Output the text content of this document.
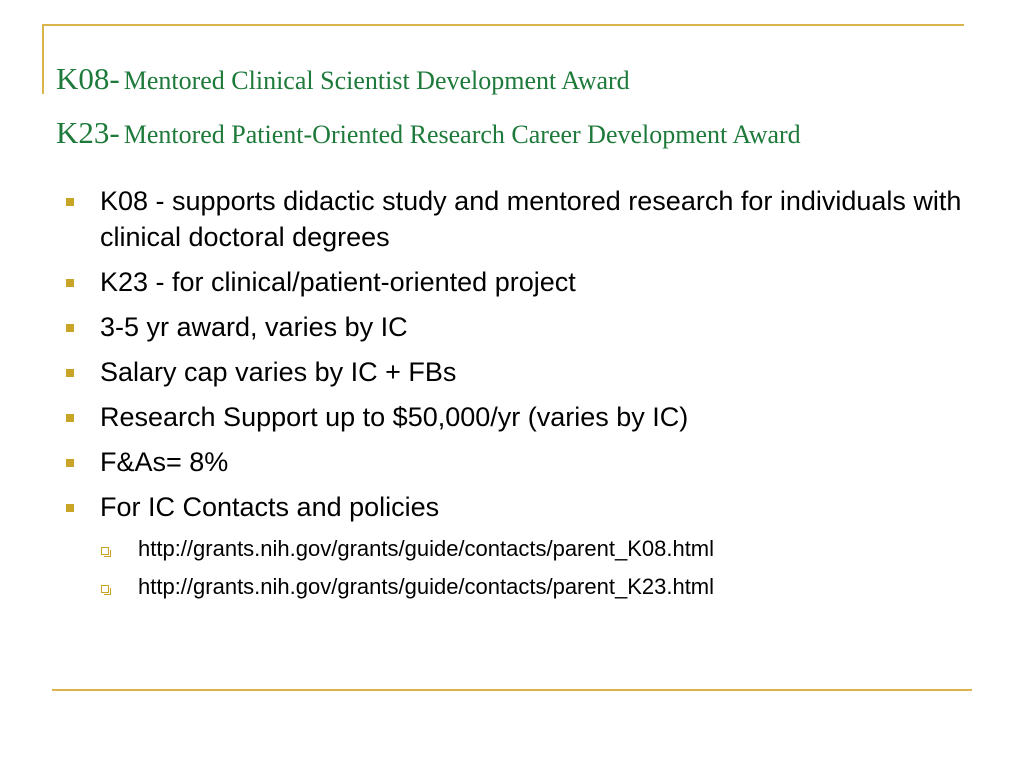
K08- Mentored Clinical Scientist Development Award
K23- Mentored Patient-Oriented Research Career Development Award
K08 - supports didactic study and mentored research for individuals with clinical doctoral degrees
K23 - for clinical/patient-oriented project
3-5 yr award, varies by IC
Salary cap varies by IC + FBs
Research Support up to $50,000/yr (varies by IC)
F&As= 8%
For IC Contacts and policies
http://grants.nih.gov/grants/guide/contacts/parent_K08.html
http://grants.nih.gov/grants/guide/contacts/parent_K23.html
